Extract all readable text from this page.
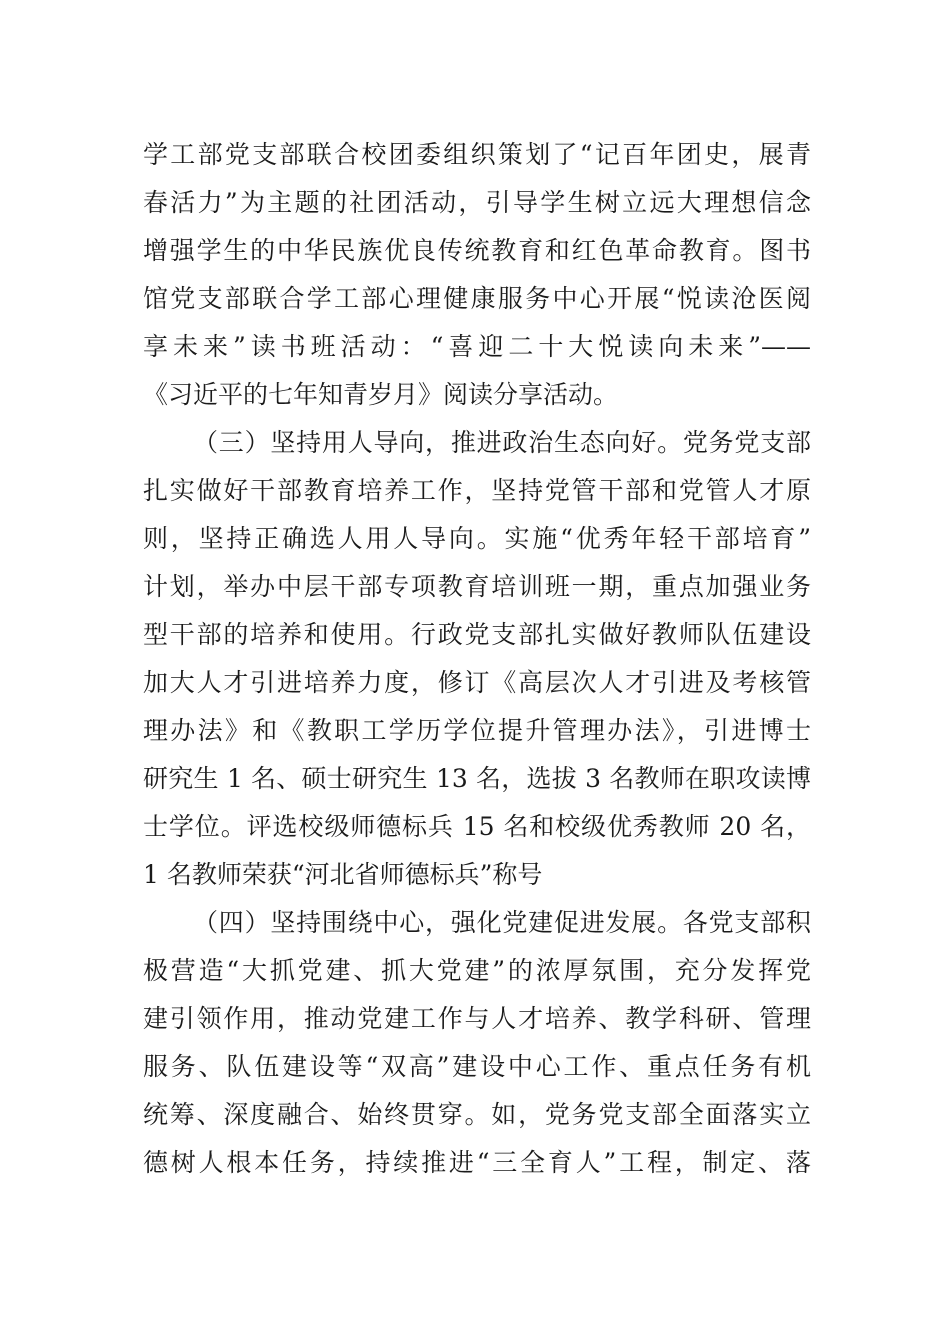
学工部党支部联合校团委组织策划了“记百年团史，展青
春活力”为主题的社团活动，引导学生树立远大理想信念
增强学生的中华民族优良传统教育和红色革命教育。图书
馆党支部联合学工部心理健康服务中心开展“悦读沧医阅
享未来”读书班活动：“喜迎二十大悦读向未来”——
《习近平的七年知青岁月》阅读分享活动。
（三）坚持用人导向，推进政治生态向好。党务党支部
扎实做好干部教育培养工作，坚持党管干部和党管人才原
则，坚持正确选人用人导向。实施“优秀年轻干部培育”
计划，举办中层干部专项教育培训班一期，重点加强业务
型干部的培养和使用。行政党支部扎实做好教师队伍建设
加大人才引进培养力度，修订《高层次人才引进及考核管
理办法》和《教职工学历学位提升管理办法》，引进博士
研究生 1 名、硕士研究生 13 名，选拔 3 名教师在职攻读博
士学位。评选校级师德标兵 15 名和校级优秀教师 20 名，
1 名教师荣获“河北省师德标兵”称号
（四）坚持围绕中心，强化党建促进发展。各党支部积
极营造“大抓党建、抓大党建”的浓厚氛围，充分发挥党
建引领作用，推动党建工作与人才培养、教学科研、管理
服务、队伍建设等“双高”建设中心工作、重点任务有机
统筹、深度融合、始终贯穿。如，党务党支部全面落实立
德树人根本任务，持续推进“三全育人”工程，制定、落
